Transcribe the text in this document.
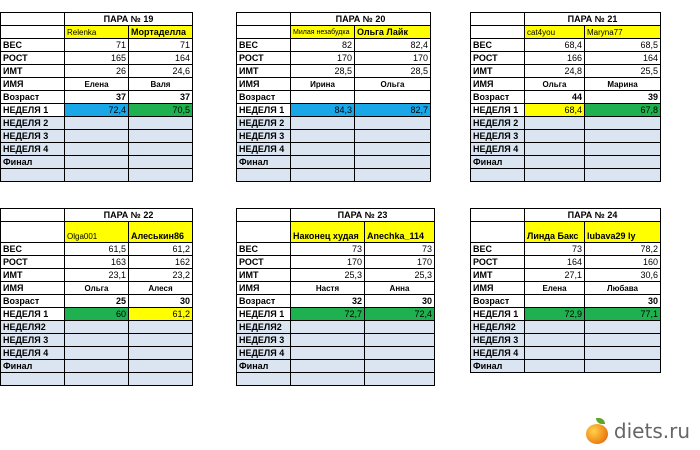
	ПАРА № 19	
	Relenka	Мортаделла
ВЕС	71	71
РОСТ	165	164
ИМТ	26	24,6
ИМЯ	Елена	Валя
Возраст	37	37
НЕДЕЛЯ 1	72,4	70,5
НЕДЕЛЯ 2		
НЕДЕЛЯ 3		
НЕДЕЛЯ 4		
Финал		

	ПАРА № 20	
	Милая незабудка	Ольга Лайк
ВЕС	82	82,4
РОСТ	170	170
ИМТ	28,5	28,5
ИМЯ	Ирина	Ольга
Возраст		
НЕДЕЛЯ 1	84,3	82,7
НЕДЕЛЯ 2		
НЕДЕЛЯ 3		
НЕДЕЛЯ 4		
Финал		

	ПАРА № 21	
	cat4you	Maryna77
ВЕС	68,4	68,5
РОСТ	166	164
ИМТ	24,8	25,5
ИМЯ	Ольга	Марина
Возраст	44	39
НЕДЕЛЯ 1	68,4	67,8
НЕДЕЛЯ 2		
НЕДЕЛЯ 3		
НЕДЕЛЯ 4		
Финал		

	ПАРА № 22	
	Olga001	Алеськин86
ВЕС	61,5	61,2
РОСТ	163	162
ИМТ	23,1	23,2
ИМЯ	Ольга	Алеся
Возраст	25	30
НЕДЕЛЯ 1	60	61,2
НЕДЕЛЯ2		
НЕДЕЛЯ 3		
НЕДЕЛЯ 4		
Финал		

	ПАРА № 23	
	Наконец худая	Anechka_114
ВЕС	73	73
РОСТ	170	170
ИМТ	25,3	25,3
ИМЯ	Настя	Анна
Возраст	32	30
НЕДЕЛЯ 1	72,7	72,4
НЕДЕЛЯ2		
НЕДЕЛЯ 3		
НЕДЕЛЯ 4		
Финал		

	ПАРА № 24	
	Линда Бакс	lubava29 ly
ВЕС	73	78,2
РОСТ	164	160
ИМТ	27,1	30,6
ИМЯ	Елена	Любава
Возраст		30
НЕДЕЛЯ 1	72,9	77,1
НЕДЕЛЯ2		
НЕДЕЛЯ 3		
НЕДЕЛЯ 4		
Финал		
diets.ru
